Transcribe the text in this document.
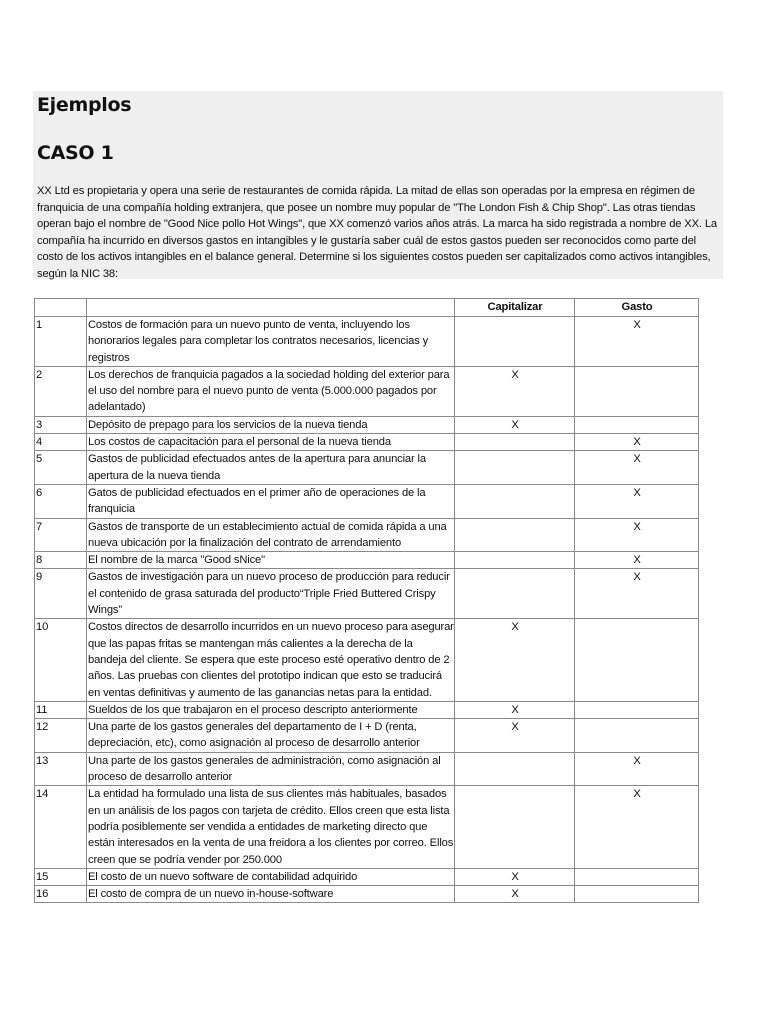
Ejemplos
CASO 1
XX Ltd es propietaria y opera una serie de restaurantes de comida rápida. La mitad de ellas son operadas por la empresa en régimen de franquicia de una compañía holding extranjera, que posee un nombre muy popular de "The London Fish & Chip Shop". Las otras tiendas operan bajo el nombre de "Good Nice pollo Hot Wings", que XX comenzó varios años atrás. La marca ha sido registrada a nombre de XX. La compañía ha incurrido en diversos gastos en intangibles y le gustaría saber cuál de estos gastos pueden ser reconocidos como parte del costo de los activos intangibles en el balance general. Determine si los siguientes costos pueden ser capitalizados como activos intangibles, según la NIC 38:
		Capitalizar	Gasto
1	Costos de formación para un nuevo punto de venta, incluyendo los honorarios legales para completar los contratos necesarios, licencias y registros		X
2	Los derechos de franquicia pagados a la sociedad holding del exterior para el uso del nombre para el nuevo punto de venta (5.000.000 pagados por adelantado)	X	
3	Depósito de prepago para los servicios de la nueva tienda	X	
4	Los costos de capacitación para el personal de la nueva tienda		X
5	Gastos de publicidad efectuados antes de la apertura para anunciar la apertura de la nueva tienda		X
6	Gatos de publicidad efectuados en el primer año de operaciones de la franquicia		X
7	Gastos de transporte de un establecimiento actual de comida rápida a una nueva ubicación por la finalización del contrato de arrendamiento		X
8	El nombre de la marca "Good sNice"		X
9	Gastos de investigación para un nuevo proceso de producción para reducir el contenido de grasa saturada del producto“Triple Fried Buttered Crispy Wings”		X
10	Costos directos de desarrollo incurridos en un nuevo proceso para asegurar que las papas fritas se mantengan más calientes a la derecha de la bandeja del cliente. Se espera que este proceso esté operativo dentro de 2 años. Las pruebas con clientes del prototipo indican que esto se traducirá en ventas definitivas y aumento de las ganancias netas para la entidad.	X	
11	Sueldos de los que trabajaron en el proceso descripto anteriormente	X	
12	Una parte de los gastos generales del departamento de I + D (renta, depreciación, etc), como asignación al proceso de desarrollo anterior	X	
13	Una parte de los gastos generales de administración, como asignación al proceso de desarrollo anterior		X
14	La entidad ha formulado una lista de sus clientes más habituales, basados en un análisis de los pagos con tarjeta de crédito. Ellos creen que esta lista podría posiblemente ser vendida a entidades de marketing directo que están interesados en la venta de una freidora a los clientes por correo. Ellos creen que se podría vender por 250.000		X
15	El costo de un nuevo software de contabilidad adquirido	X	
16	El costo de compra de un nuevo in-house-software	X	
